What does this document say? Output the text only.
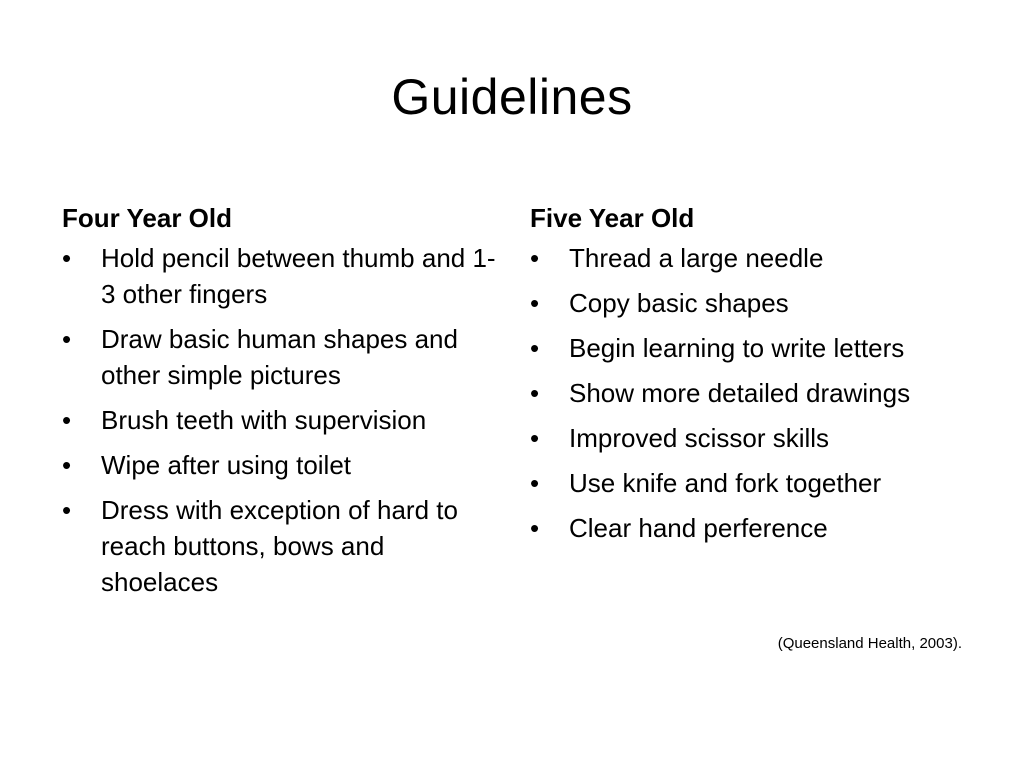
Guidelines
Four Year Old
•	Hold pencil between thumb and 1-3 other fingers
•	Draw basic human shapes and other simple pictures
•	Brush teeth with supervision
•	Wipe after using toilet
•	Dress with exception of hard to reach buttons, bows and shoelaces
Five Year Old
•	Thread a large needle
•	Copy basic shapes
•	Begin learning to write letters
•	Show more detailed drawings
•	Improved scissor skills
•	Use knife and fork together
•	Clear hand perference
(Queensland Health, 2003).
